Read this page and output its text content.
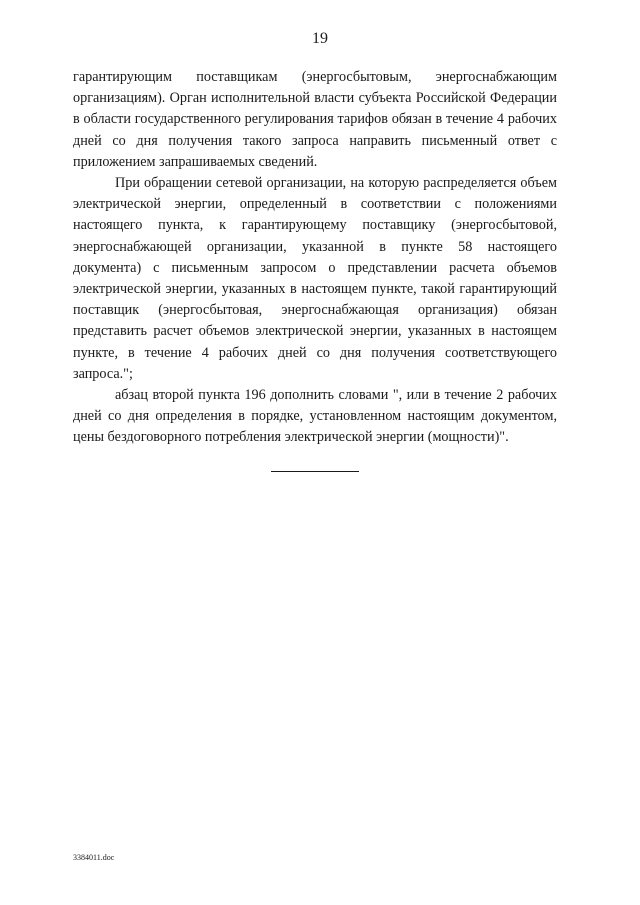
19

гарантирующим поставщикам (энергосбытовым, энергоснабжающим организациям). Орган исполнительной власти субъекта Российской Федерации в области государственного регулирования тарифов обязан в течение 4 рабочих дней со дня получения такого запроса направить письменный ответ с приложением запрашиваемых сведений.

При обращении сетевой организации, на которую распределяется объем электрической энергии, определенный в соответствии с положениями настоящего пункта, к гарантирующему поставщику (энергосбытовой, энергоснабжающей организации, указанной в пункте 58 настоящего документа) с письменным запросом о представлении расчета объемов электрической энергии, указанных в настоящем пункте, такой гарантирующий поставщик (энергосбытовая, энергоснабжающая организация) обязан представить расчет объемов электрической энергии, указанных в настоящем пункте, в течение 4 рабочих дней со дня получения соответствующего запроса.";

абзац второй пункта 196 дополнить словами ", или в течение 2 рабочих дней со дня определения в порядке, установленном настоящим документом, цены бездоговорного потребления электрической энергии (мощности)".

3384011.doc
